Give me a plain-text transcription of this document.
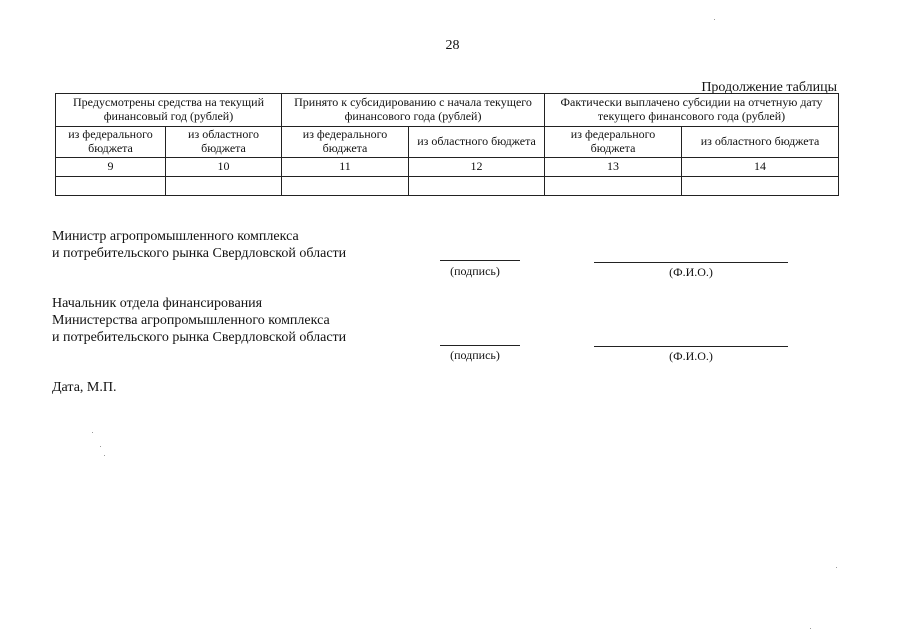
28
Продолжение таблицы
Предусмотрены средства на текущий финансовый год (рублей)		Принято к субсидированию с начала текущего финансового года (рублей)		Фактически выплачено субсидии на отчетную дату текущего финансового года (рублей)	
из федерального бюджета	из областного бюджета	из федерального бюджета	из областного бюджета	из федерального бюджета	из областного бюджета
9	10	11	12	13	14

Министр агропромышленного комплекса
и потребительского рынка Свердловской области
(подпись)	(Ф.И.О.)
Начальник отдела финансирования
Министерства агропромышленного комплекса
и потребительского рынка Свердловской области
(подпись)	(Ф.И.О.)
Дата, М.П.
